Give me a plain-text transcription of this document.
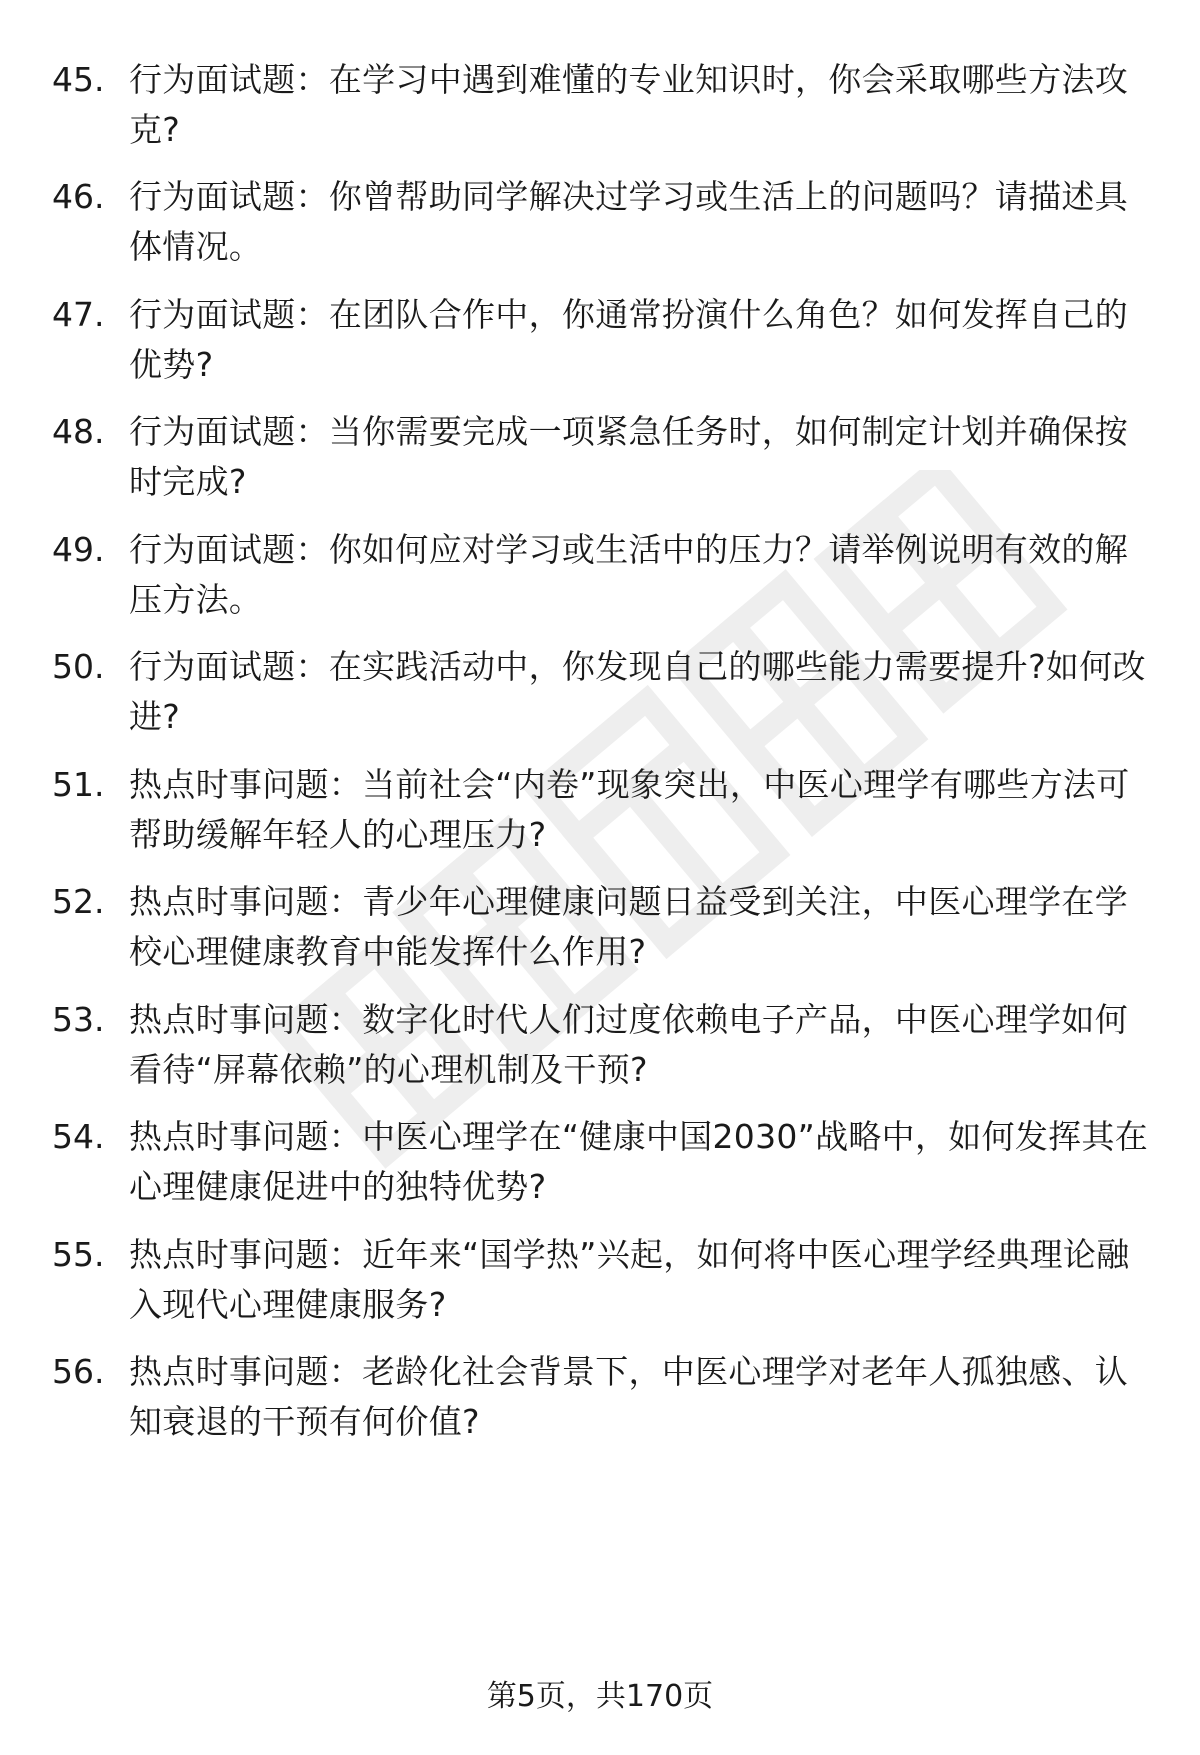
45. 行为面试题：在学习中遇到难懂的专业知识时，你会采取哪些方法攻克?
46. 行为面试题：你曾帮助同学解决过学习或生活上的问题吗？请描述具体情况。
47. 行为面试题：在团队合作中，你通常扮演什么角色？如何发挥自己的优势?
48. 行为面试题：当你需要完成一项紧急任务时，如何制定计划并确保按时完成?
49. 行为面试题：你如何应对学习或生活中的压力？请举例说明有效的解压方法。
50. 行为面试题：在实践活动中，你发现自己的哪些能力需要提升?如何改进?
51. 热点时事问题：当前社会“内卷”现象突出，中医心理学有哪些方法可帮助缓解年轻人的心理压力?
52. 热点时事问题：青少年心理健康问题日益受到关注，中医心理学在学校心理健康教育中能发挥什么作用?
53. 热点时事问题：数字化时代人们过度依赖电子产品，中医心理学如何看待“屏幕依赖”的心理机制及干预?
54. 热点时事问题：中医心理学在“健康中国2030”战略中，如何发挥其在心理健康促进中的独特优势?
55. 热点时事问题：近年来“国学热”兴起，如何将中医心理学经典理论融入现代心理健康服务?
56. 热点时事问题：老龄化社会背景下，中医心理学对老年人孤独感、认知衰退的干预有何价值?
第5页，共170页
